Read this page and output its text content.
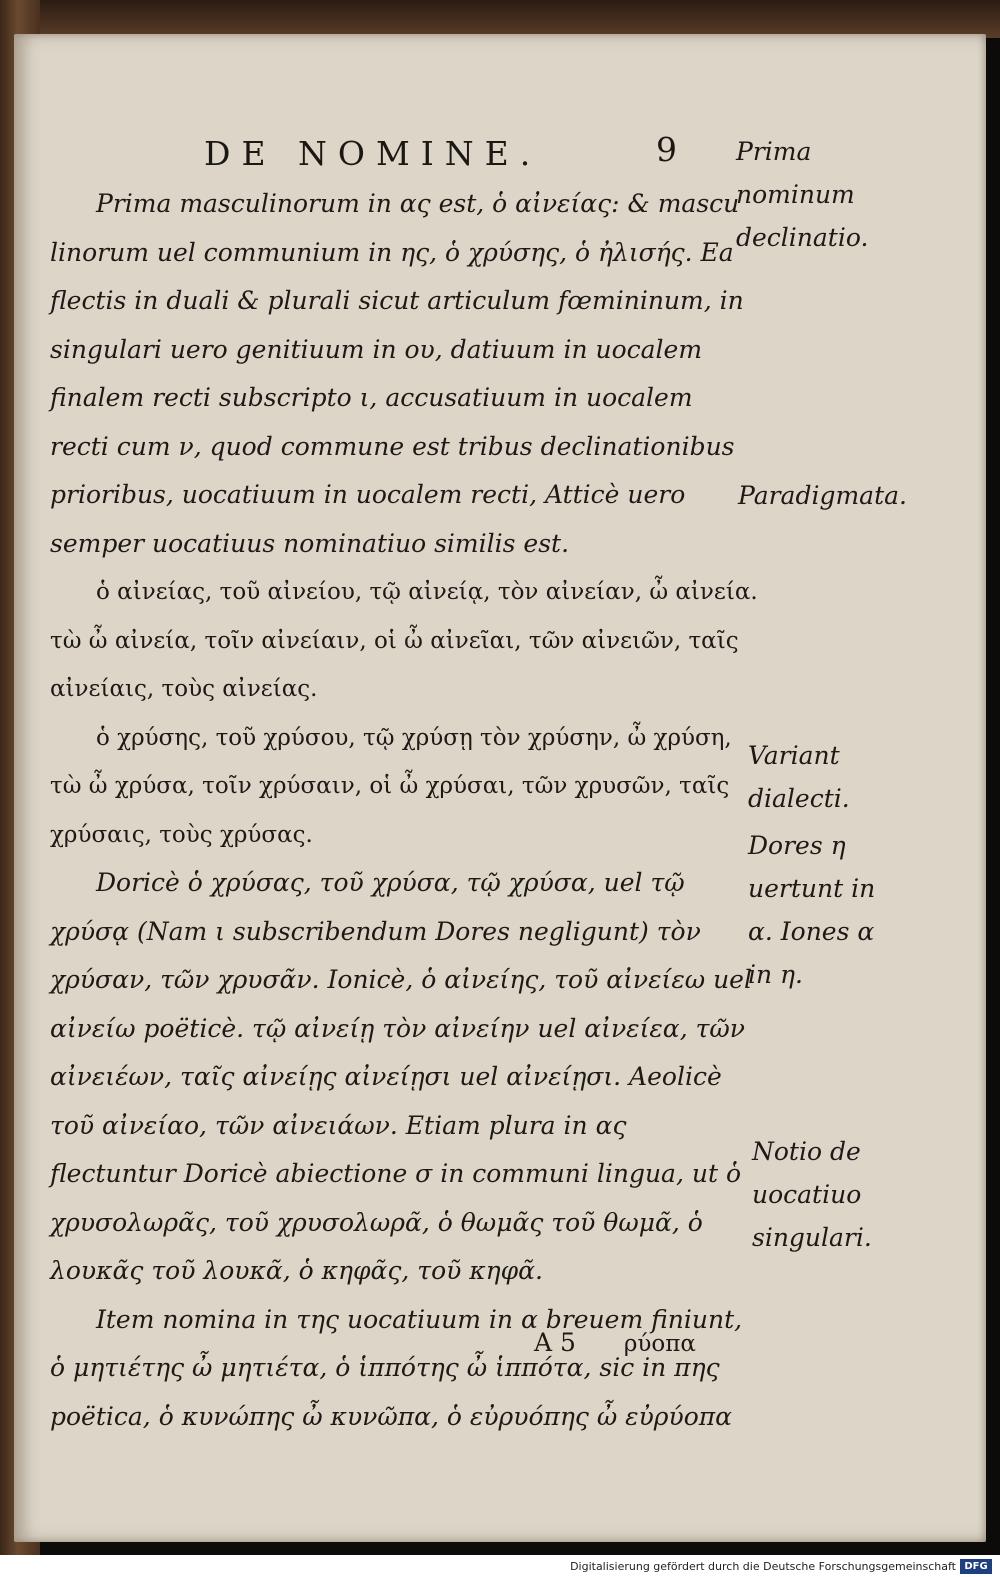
DE NOMINE.	9

Prima masculinorum in ας est, ὁ αἰνείας: & mascu linorum uel communium in ης, ὁ χρύσης, ὁ ἠλισής. Ea flectis in duali & plurali sicut articulum fœmininum, in singulari uero genitiuum in ου, datiuum in uocalem finalem recti subscripto ι, accusatiuum in uocalem recti cum ν, quod commune est tribus declinationibus prioribus, uocatiuum in uocalem recti, Atticè uero semper uocatiuus nominatiuo similis est.

ὁ αἰνείας, τοῦ αἰνείου, τῷ αἰνείᾳ, τὸν αἰνείαν, ὦ αἰνεία. τὼ ὦ αἰνεία, τοῖν αἰνείαιν, οἱ ὦ αἰνεῖαι, τῶν αἰνειῶν, ταῖς αἰνείαις, τοὺς αἰνείας.

ὁ χρύσης, τοῦ χρύσου, τῷ χρύσῃ τὸν χρύσην, ὦ χρύση, τὼ ὦ χρύσα, τοῖν χρύσαιν, οἱ ὦ χρύσαι, τῶν χρυσῶν, ταῖς χρύσαις, τοὺς χρύσας.

Doricè ὁ χρύσας, τοῦ χρύσα, τῷ χρύσα, uel τῷ χρύσᾳ (Nam ι subscribendum Dores negligunt) τὸν χρύσαν, τῶν χρυσᾶν. Ionicè, ὁ αἰνείης, τοῦ αἰνείεω uel αἰνείω poëticè. τῷ αἰνείῃ τὸν αἰνείην uel αἰνείεα, τῶν αἰνειέων, ταῖς αἰνείῃς αἰνείῃσι uel αἰνείῃσι. Aeolicè τοῦ αἰνείαο, τῶν αἰνειάων. Etiam plura in ας flectuntur Doricè abiectione σ in communi lingua, ut ὁ χρυσολωρᾶς, τοῦ χρυσολωρᾶ, ὁ θωμᾶς τοῦ θωμᾶ, ὁ λουκᾶς τοῦ λουκᾶ, ὁ κηφᾶς, τοῦ κηφᾶ.

Item nomina in της uocatiuum in α breuem finiunt, ὁ μητιέτης ὦ μητιέτα, ὁ ἱππότης ὦ ἱππότα, sic in πης poëtica, ὁ κυνώπης ὦ κυνῶπα, ὁ εὐρυόπης ὦ εὐρύοπα

Prima nominum declinatio.
Paradigmata.
Variant dialecti.
Dores η uertunt in α. Iones α in η.
Notio de uocatiuo singulari.
A 5 ρύοπα
Digitalisierung gefördert durch die Deutsche Forschungsgemeinschaft DFG
